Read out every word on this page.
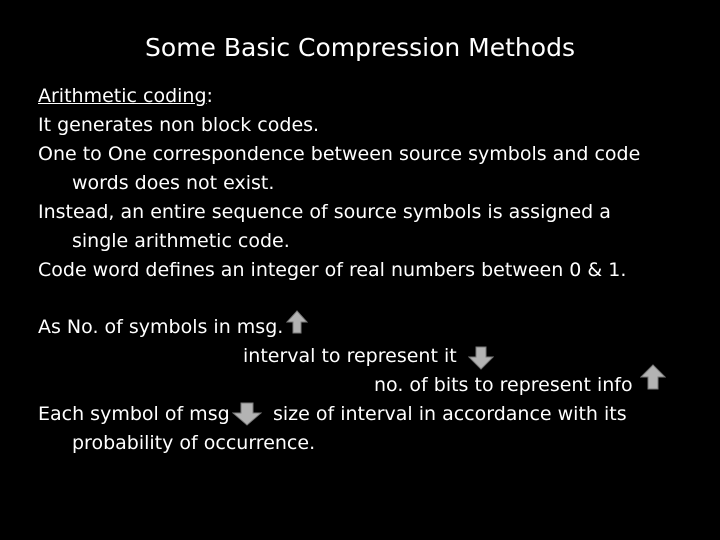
Some Basic Compression Methods
Arithmetic coding:
It generates non block codes.
One to One correspondence between source symbols and code
words does not exist.
Instead, an entire sequence of source symbols is assigned a
single arithmetic code.
Code word defines an integer of real numbers between 0 & 1.
As No. of symbols in msg.
interval to represent it
no. of bits to represent info
Each symbol of msg size of interval in accordance with its
probability of occurrence.
